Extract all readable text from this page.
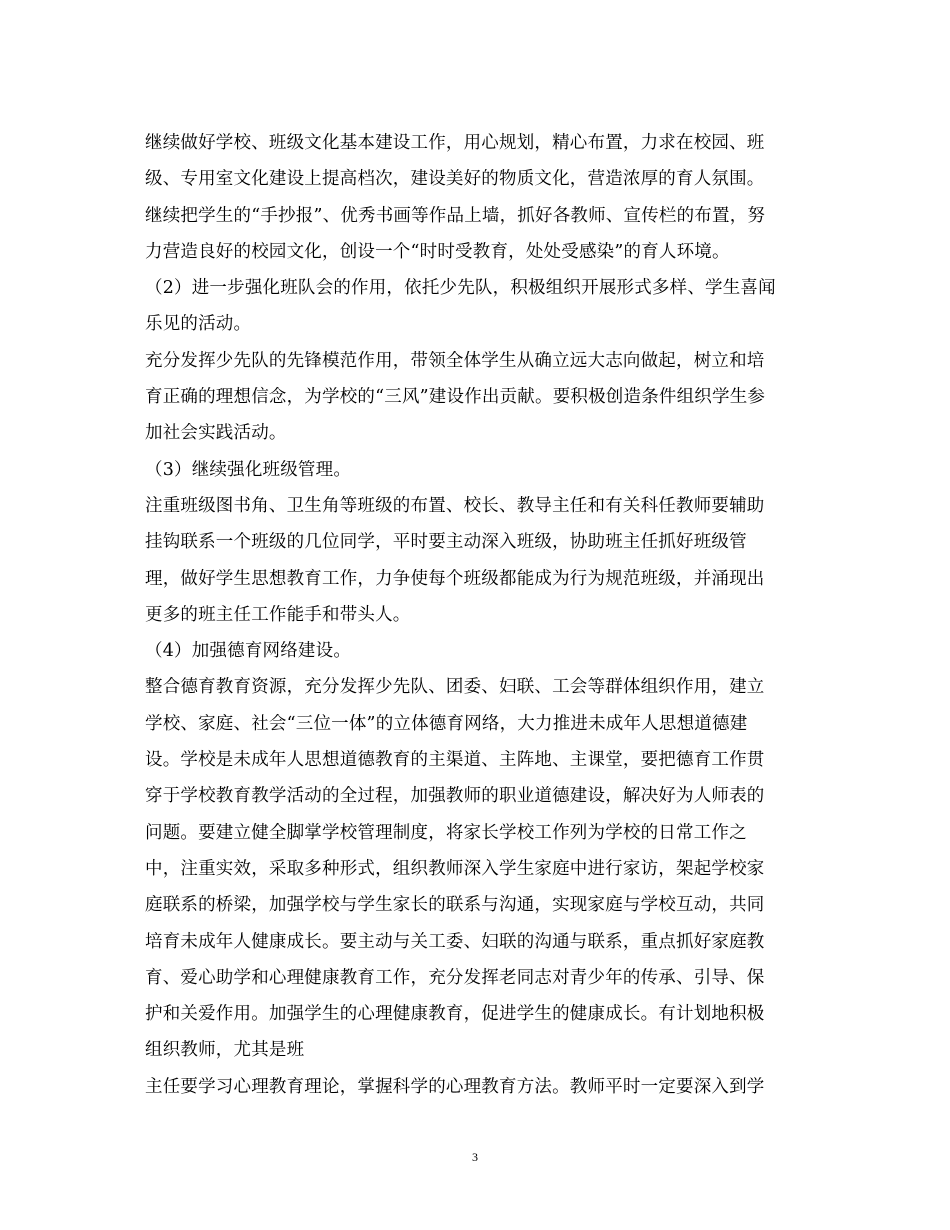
继续做好学校、班级文化基本建设工作，用心规划，精心布置，力求在校园、班
级、专用室文化建设上提高档次，建设美好的物质文化，营造浓厚的育人氛围。
继续把学生的“手抄报”、优秀书画等作品上墙，抓好各教师、宣传栏的布置，努
力营造良好的校园文化，创设一个“时时受教育，处处受感染”的育人环境。
（2）进一步强化班队会的作用，依托少先队，积极组织开展形式多样、学生喜闻
乐见的活动。
充分发挥少先队的先锋模范作用，带领全体学生从确立远大志向做起，树立和培
育正确的理想信念，为学校的“三风”建设作出贡献。要积极创造条件组织学生参
加社会实践活动。
（3）继续强化班级管理。
注重班级图书角、卫生角等班级的布置、校长、教导主任和有关科任教师要辅助
挂钩联系一个班级的几位同学，平时要主动深入班级，协助班主任抓好班级管
理，做好学生思想教育工作，力争使每个班级都能成为行为规范班级，并涌现出
更多的班主任工作能手和带头人。
（4）加强德育网络建设。
整合德育教育资源，充分发挥少先队、团委、妇联、工会等群体组织作用，建立
学校、家庭、社会“三位一体”的立体德育网络，大力推进未成年人思想道德建
设。学校是未成年人思想道德教育的主渠道、主阵地、主课堂，要把德育工作贯
穿于学校教育教学活动的全过程，加强教师的职业道德建设，解决好为人师表的
问题。要建立健全脚掌学校管理制度，将家长学校工作列为学校的日常工作之
中，注重实效，采取多种形式，组织教师深入学生家庭中进行家访，架起学校家
庭联系的桥梁，加强学校与学生家长的联系与沟通，实现家庭与学校互动，共同
培育未成年人健康成长。要主动与关工委、妇联的沟通与联系，重点抓好家庭教
育、爱心助学和心理健康教育工作，充分发挥老同志对青少年的传承、引导、保
护和关爱作用。加强学生的心理健康教育，促进学生的健康成长。有计划地积极
组织教师，尤其是班
主任要学习心理教育理论，掌握科学的心理教育方法。教师平时一定要深入到学
3
